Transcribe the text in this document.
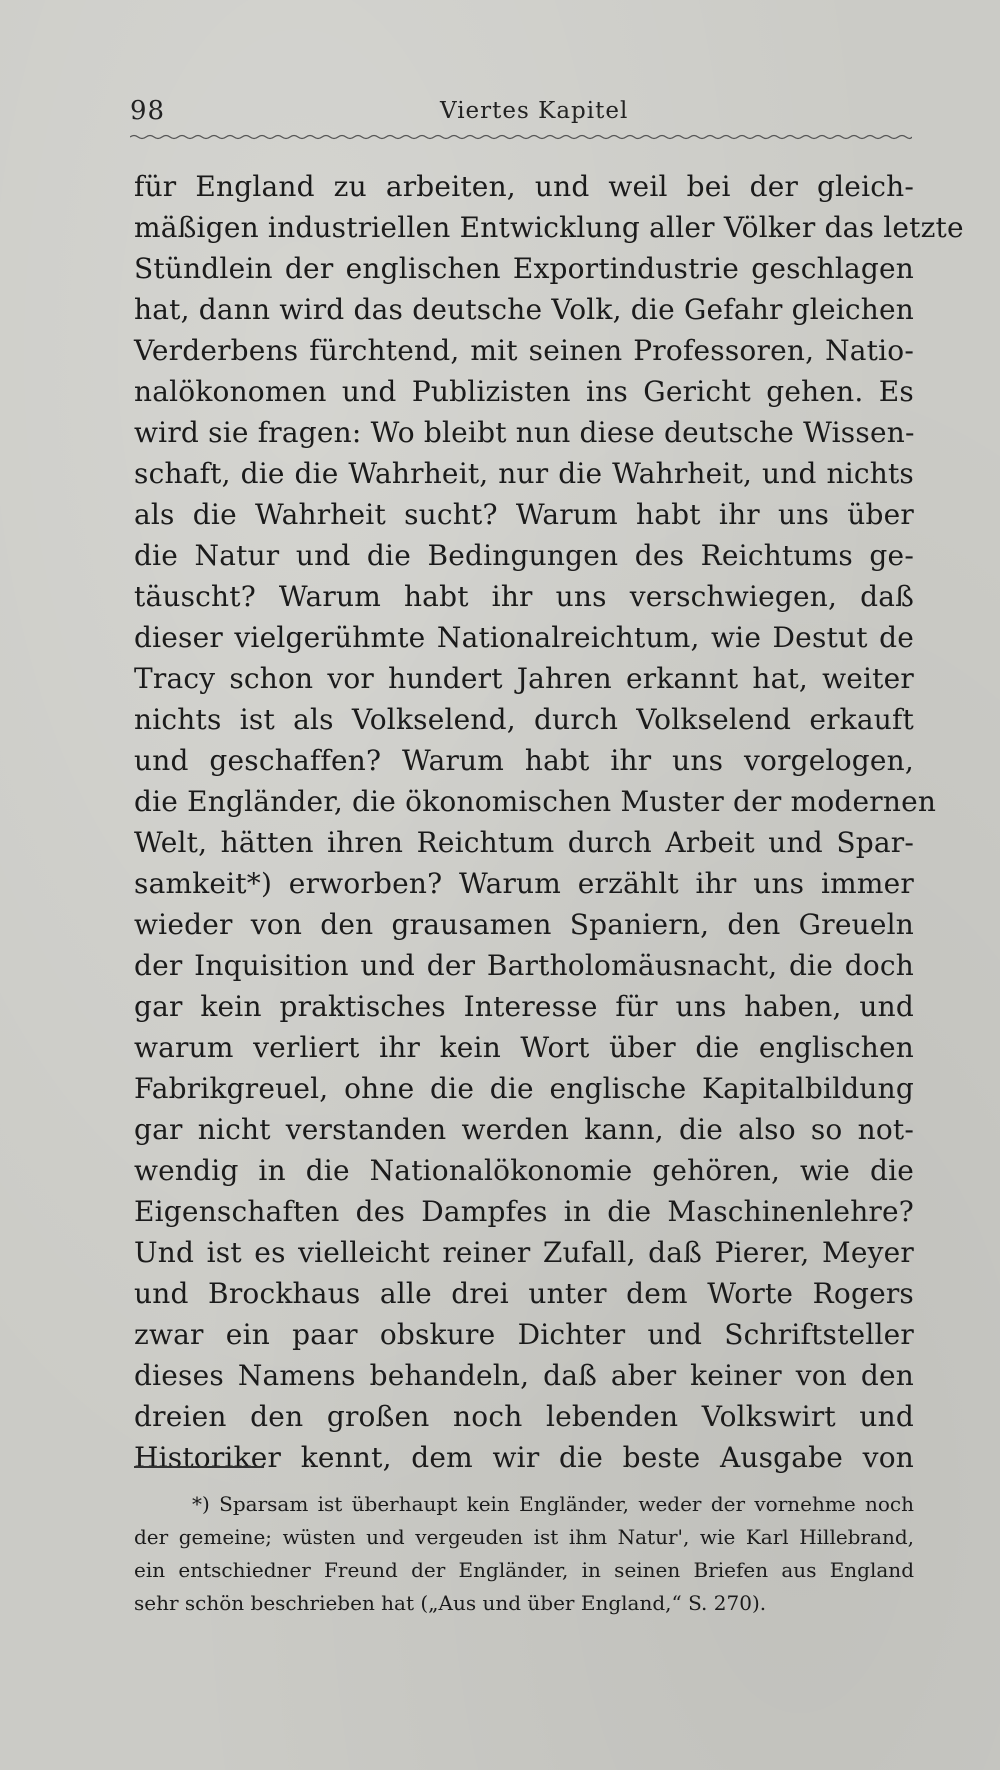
98	Viertes Kapitel
für England zu arbeiten, und weil bei der gleich-
mäßigen industriellen Entwicklung aller Völker das letzte
Stündlein der englischen Exportindustrie geschlagen
hat, dann wird das deutsche Volk, die Gefahr gleichen
Verderbens fürchtend, mit seinen Professoren, Natio-
nalökonomen und Publizisten ins Gericht gehen. Es
wird sie fragen: Wo bleibt nun diese deutsche Wissen-
schaft, die die Wahrheit, nur die Wahrheit, und nichts
als die Wahrheit sucht? Warum habt ihr uns über
die Natur und die Bedingungen des Reichtums ge-
täuscht? Warum habt ihr uns verschwiegen, daß
dieser vielgerühmte Nationalreichtum, wie Destut de
Tracy schon vor hundert Jahren erkannt hat, weiter
nichts ist als Volkselend, durch Volkselend erkauft
und geschaffen? Warum habt ihr uns vorgelogen,
die Engländer, die ökonomischen Muster der modernen
Welt, hätten ihren Reichtum durch Arbeit und Spar-
samkeit*) erworben? Warum erzählt ihr uns immer
wieder von den grausamen Spaniern, den Greueln
der Inquisition und der Bartholomäusnacht, die doch
gar kein praktisches Interesse für uns haben, und
warum verliert ihr kein Wort über die englischen
Fabrikgreuel, ohne die die englische Kapitalbildung
gar nicht verstanden werden kann, die also so not-
wendig in die Nationalökonomie gehören, wie die
Eigenschaften des Dampfes in die Maschinenlehre?
Und ist es vielleicht reiner Zufall, daß Pierer, Meyer
und Brockhaus alle drei unter dem Worte Rogers
zwar ein paar obskure Dichter und Schriftsteller
dieses Namens behandeln, daß aber keiner von den
dreien den großen noch lebenden Volkswirt und
Historiker kennt, dem wir die beste Ausgabe von
*) Sparsam ist überhaupt kein Engländer, weder der vornehme noch
der gemeine; wüsten und vergeuden ist ihm Natur', wie Karl Hillebrand,
ein entschiedner Freund der Engländer, in seinen Briefen aus England
sehr schön beschrieben hat („Aus und über England,“ S. 270).
